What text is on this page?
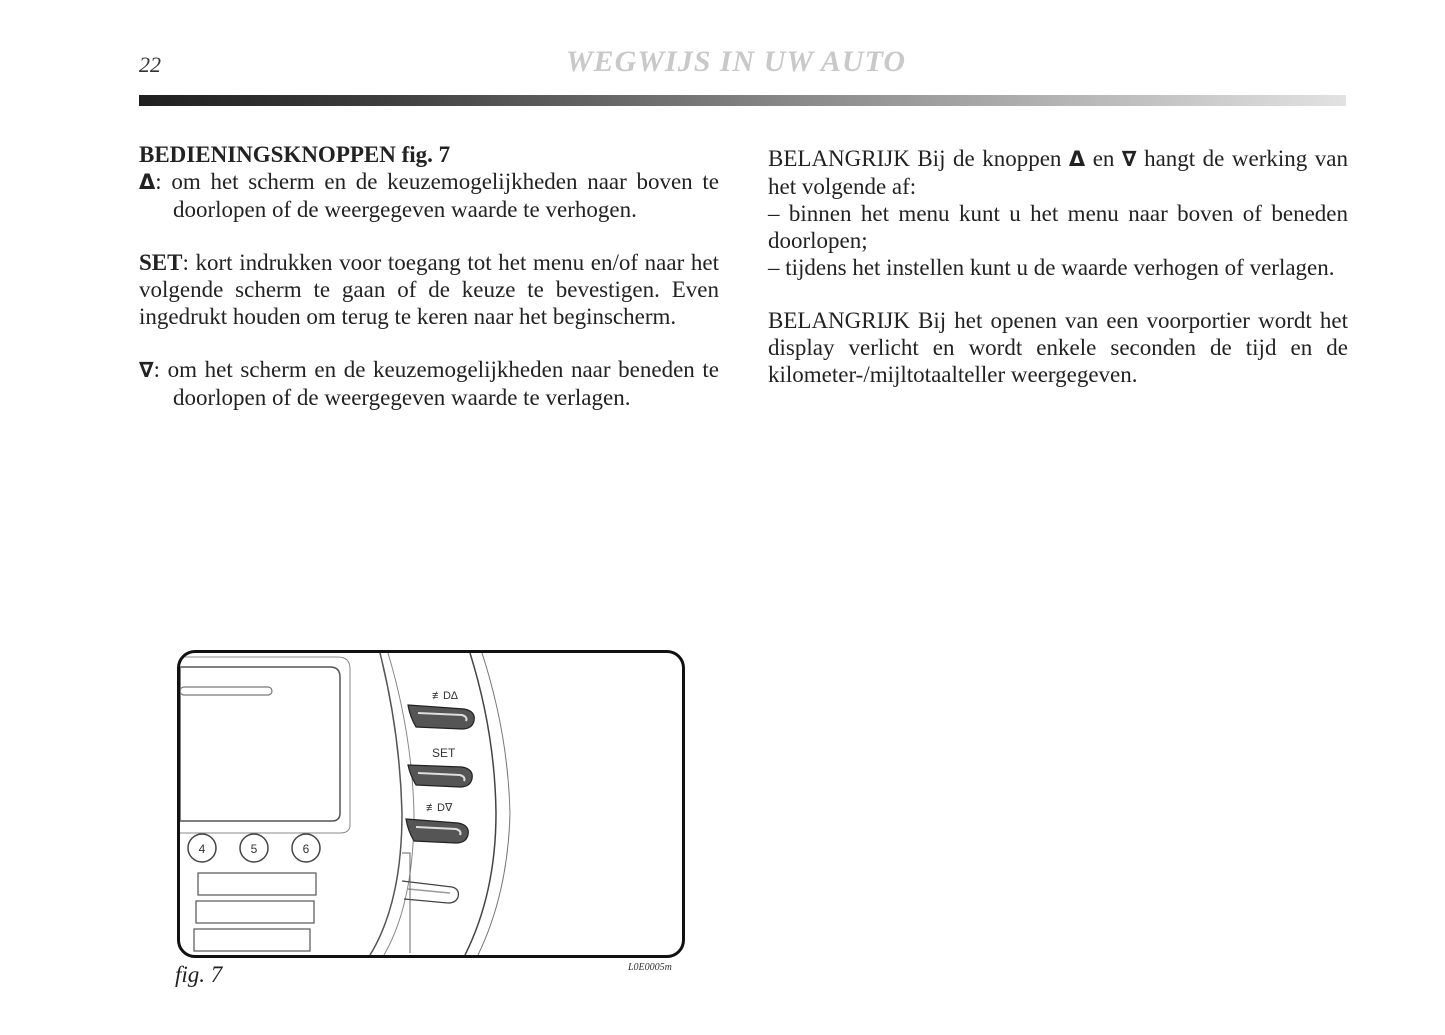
22	WEGWIJS IN UW AUTO

BEDIENINGSKNOPPEN fig. 7

Δ: om het scherm en de keuzemogelijkheden naar boven te doorlopen of de weergegeven waarde te verhogen.

SET: kort indrukken voor toegang tot het menu en/of naar het volgende scherm te gaan of de keuze te bevestigen. Even ingedrukt houden om terug te keren naar het beginscherm.

∇: om het scherm en de keuzemogelijkheden naar beneden te doorlopen of de weergegeven waarde te verlagen.

BELANGRIJK Bij de knoppen Δ en ∇ hangt de werking van het volgende af:

– binnen het menu kunt u het menu naar boven of beneden doorlopen;

– tijdens het instellen kunt u de waarde verhogen of verlagen.

BELANGRIJK Bij het openen van een voorportier wordt het display verlicht en wordt enkele seconden de tijd en de kilometer-/mijltotaalteller weergegeven.

4	5	6
≢D∆
SET
≢D∇
fig. 7	L0E0005m
